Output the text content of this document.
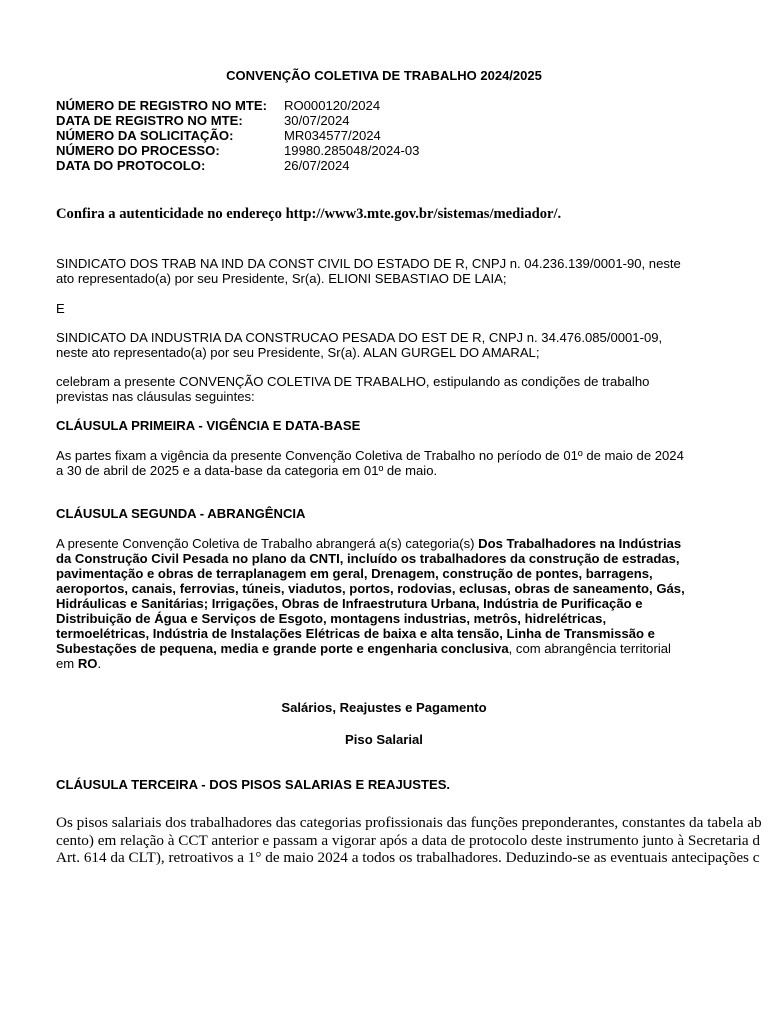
CONVENÇÃO COLETIVA DE TRABALHO 2024/2025
NÚMERO DE REGISTRO NO MTE:	RO000120/2024
DATA DE REGISTRO NO MTE:	30/07/2024
NÚMERO DA SOLICITAÇÃO:	MR034577/2024
NÚMERO DO PROCESSO:	19980.285048/2024-03
DATA DO PROTOCOLO:	26/07/2024
Confira a autenticidade no endereço http://www3.mte.gov.br/sistemas/mediador/.
SINDICATO DOS TRAB NA IND DA CONST CIVIL DO ESTADO DE R, CNPJ n. 04.236.139/0001-90, neste
ato representado(a) por seu Presidente, Sr(a). ELIONI SEBASTIAO DE LAIA;
E
SINDICATO DA INDUSTRIA DA CONSTRUCAO PESADA DO EST DE R, CNPJ n. 34.476.085/0001-09,
neste ato representado(a) por seu Presidente, Sr(a). ALAN GURGEL DO AMARAL;
celebram a presente CONVENÇÃO COLETIVA DE TRABALHO, estipulando as condições de trabalho
previstas nas cláusulas seguintes:
CLÁUSULA PRIMEIRA - VIGÊNCIA E DATA-BASE
As partes fixam a vigência da presente Convenção Coletiva de Trabalho no período de 01º de maio de 2024
a 30 de abril de 2025 e a data-base da categoria em 01º de maio.
CLÁUSULA SEGUNDA - ABRANGÊNCIA
A presente Convenção Coletiva de Trabalho abrangerá a(s) categoria(s) Dos Trabalhadores na Indústrias
da Construção Civil Pesada no plano da CNTI, incluído os trabalhadores da construção de estradas,
pavimentação e obras de terraplanagem em geral, Drenagem, construção de pontes, barragens,
aeroportos, canais, ferrovias, túneis, viadutos, portos, rodovias, eclusas, obras de saneamento, Gás,
Hidráulicas e Sanitárias; Irrigações, Obras de Infraestrutura Urbana, Indústria de Purificação e
Distribuição de Água e Serviços de Esgoto, montagens industrias, metrôs, hidrelétricas,
termoelétricas, Indústria de Instalações Elétricas de baixa e alta tensão, Linha de Transmissão e
Subestações de pequena, media e grande porte e engenharia conclusiva, com abrangência territorial
em RO.
Salários, Reajustes e Pagamento
Piso Salarial
CLÁUSULA TERCEIRA - DOS PISOS SALARIAS E REAJUSTES.
Os pisos salariais dos trabalhadores das categorias profissionais das funções preponderantes, constantes da tabela ab
cento) em relação à CCT anterior e passam a vigorar após a data de protocolo deste instrumento junto à Secretaria d
Art. 614 da CLT), retroativos a 1° de maio 2024 a todos os trabalhadores. Deduzindo-se as eventuais antecipações c
